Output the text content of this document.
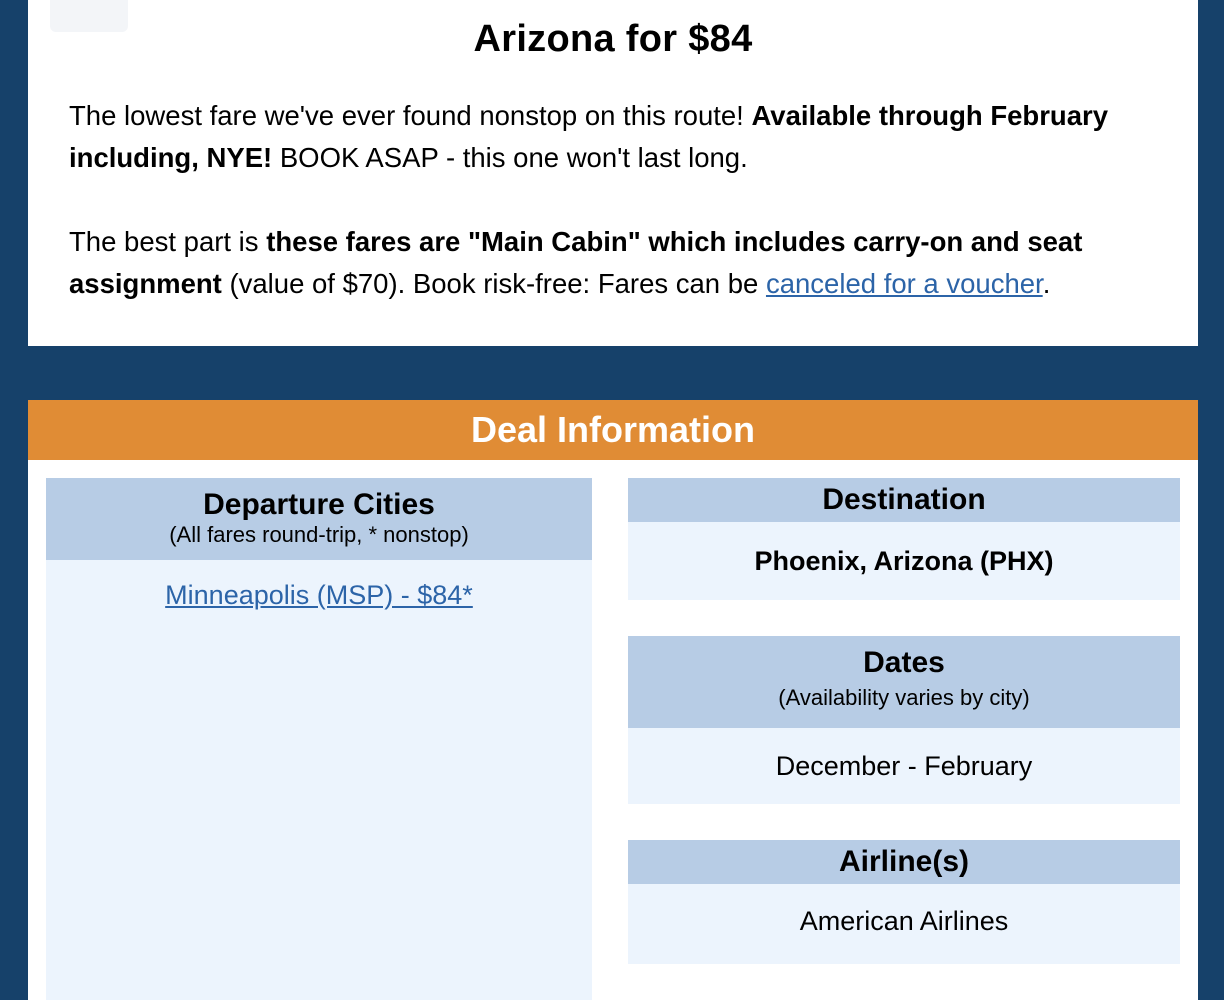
Arizona for $84

The lowest fare we've ever found nonstop on this route! Available through February including, NYE! BOOK ASAP - this one won't last long.

The best part is these fares are "Main Cabin" which includes carry-on and seat assignment (value of $70). Book risk-free: Fares can be canceled for a voucher.

Deal Information
Departure Cities
(All fares round-trip, * nonstop)
Minneapolis (MSP) - $84*
Destination
Phoenix, Arizona (PHX)
Dates
(Availability varies by city)
December - February
Airline(s)
American Airlines
